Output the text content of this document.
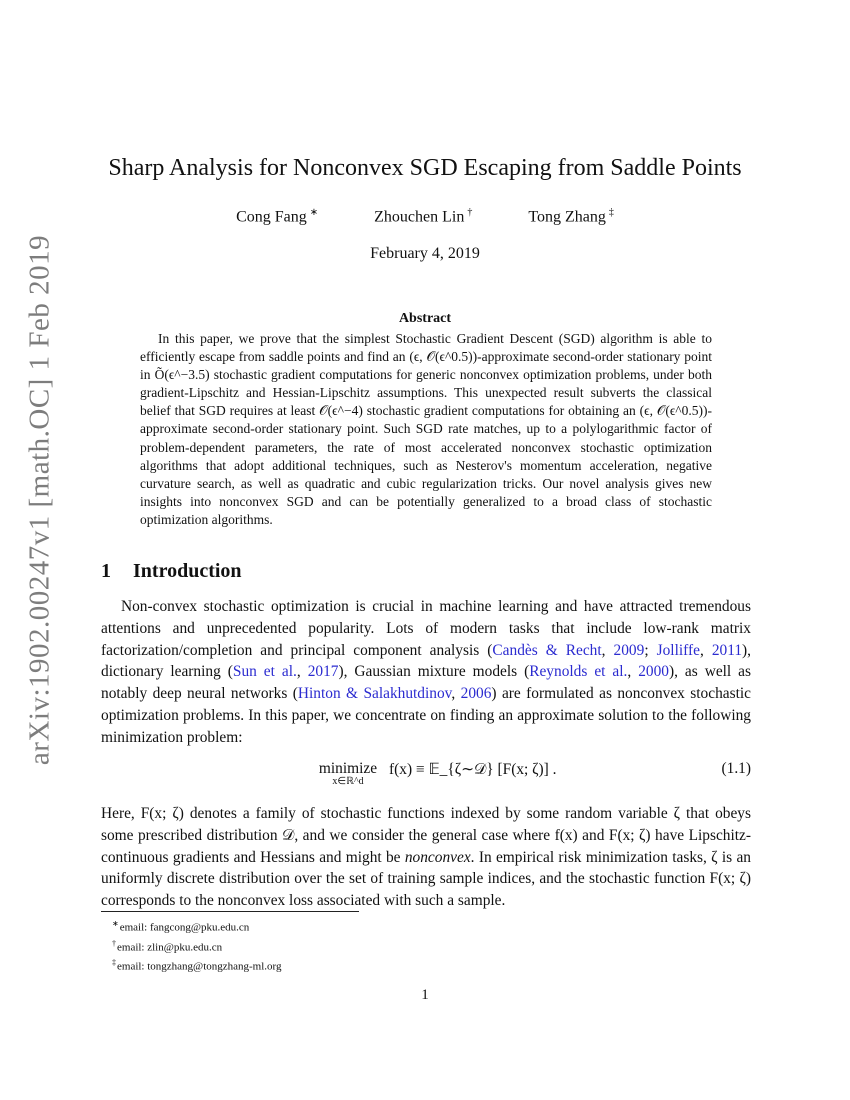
arXiv:1902.00247v1 [math.OC] 1 Feb 2019
Sharp Analysis for Nonconvex SGD Escaping from Saddle Points
Cong Fang ∗	Zhouchen Lin †	Tong Zhang ‡
February 4, 2019
Abstract
In this paper, we prove that the simplest Stochastic Gradient Descent (SGD) algorithm is able to efficiently escape from saddle points and find an (ϵ, 𝒪(ϵ^0.5))-approximate second-order stationary point in Õ(ϵ^−3.5) stochastic gradient computations for generic nonconvex optimization problems, under both gradient-Lipschitz and Hessian-Lipschitz assumptions. This unexpected result subverts the classical belief that SGD requires at least 𝒪(ϵ^−4) stochastic gradient computations for obtaining an (ϵ, 𝒪(ϵ^0.5))-approximate second-order stationary point. Such SGD rate matches, up to a polylogarithmic factor of problem-dependent parameters, the rate of most accelerated nonconvex stochastic optimization algorithms that adopt additional techniques, such as Nesterov's momentum acceleration, negative curvature search, as well as quadratic and cubic regularization tricks. Our novel analysis gives new insights into nonconvex SGD and can be potentially generalized to a broad class of stochastic optimization algorithms.
1 Introduction
Non-convex stochastic optimization is crucial in machine learning and have attracted tremendous attentions and unprecedented popularity. Lots of modern tasks that include low-rank matrix factorization/completion and principal component analysis (Candès & Recht, 2009; Jolliffe, 2011), dictionary learning (Sun et al., 2017), Gaussian mixture models (Reynolds et al., 2000), as well as notably deep neural networks (Hinton & Salakhutdinov, 2006) are formulated as nonconvex stochastic optimization problems. In this paper, we concentrate on finding an approximate solution to the following minimization problem:
minimize
x∈ℝ^d
f(x) ≡ 𝔼_{ζ∼𝒟} [F(x; ζ)] .	(1.1)
Here, F(x; ζ) denotes a family of stochastic functions indexed by some random variable ζ that obeys some prescribed distribution 𝒟, and we consider the general case where f(x) and F(x; ζ) have Lipschitz-continuous gradients and Hessians and might be nonconvex. In empirical risk minimization tasks, ζ is an uniformly discrete distribution over the set of training sample indices, and the stochastic function F(x; ζ) corresponds to the nonconvex loss associated with such a sample.
∗email: fangcong@pku.edu.cn
†email: zlin@pku.edu.cn
‡email: tongzhang@tongzhang-ml.org
1
